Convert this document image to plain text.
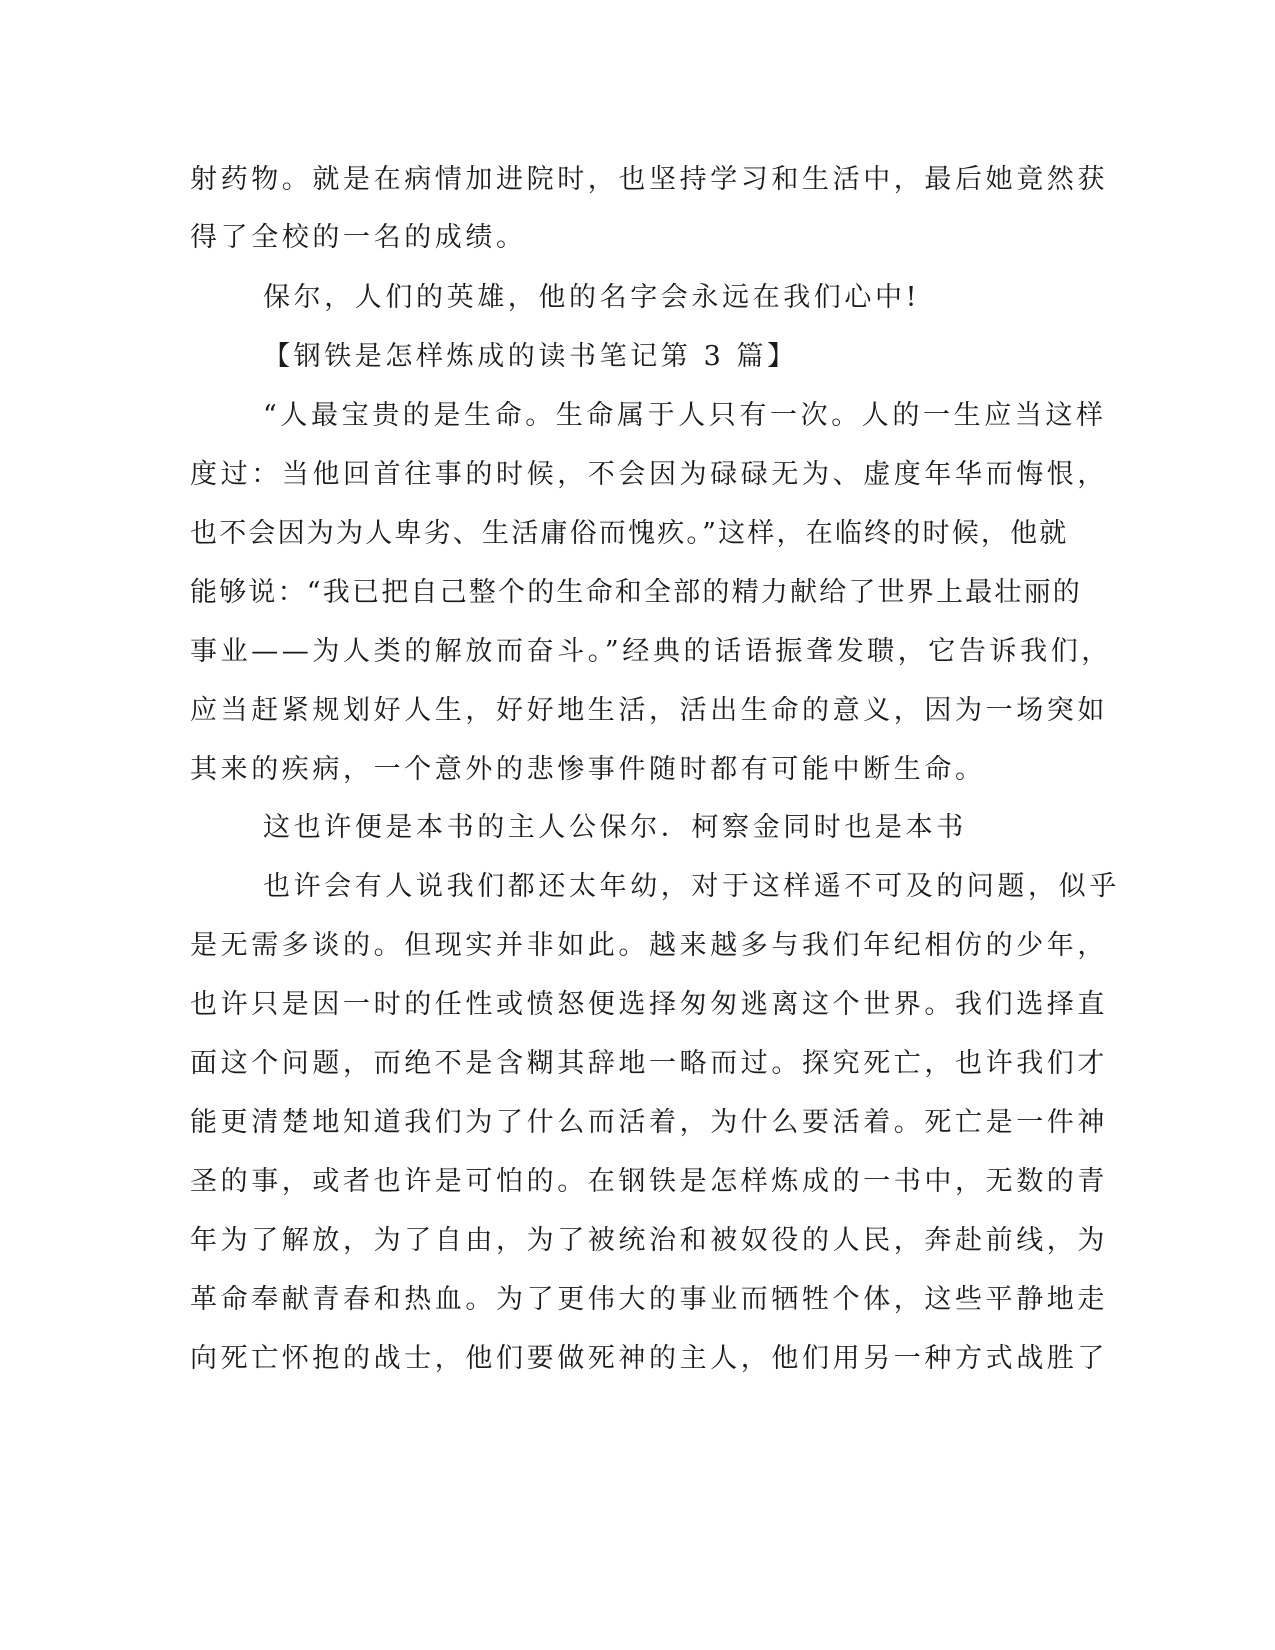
射药物。就是在病情加进院时，也坚持学习和生活中，最后她竟然获
得了全校的一名的成绩。
保尔，人们的英雄，他的名字会永远在我们心中!
【钢铁是怎样炼成的读书笔记第 3 篇】
“人最宝贵的是生命。生命属于人只有一次。人的一生应当这样
度过：当他回首往事的时候，不会因为碌碌无为、虚度年华而悔恨，
也不会因为为人卑劣、生活庸俗而愧疚。”这样，在临终的时候，他就
能够说：“我已把自己整个的生命和全部的精力献给了世界上最壮丽的
事业——为人类的解放而奋斗。”经典的话语振聋发聩，它告诉我们，
应当赶紧规划好人生，好好地生活，活出生命的意义，因为一场突如
其来的疾病，一个意外的悲惨事件随时都有可能中断生命。
这也许便是本书的主人公保尔．柯察金同时也是本书
也许会有人说我们都还太年幼，对于这样遥不可及的问题，似乎
是无需多谈的。但现实并非如此。越来越多与我们年纪相仿的少年，
也许只是因一时的任性或愤怒便选择匆匆逃离这个世界。我们选择直
面这个问题，而绝不是含糊其辞地一略而过。探究死亡，也许我们才
能更清楚地知道我们为了什么而活着，为什么要活着。死亡是一件神
圣的事，或者也许是可怕的。在钢铁是怎样炼成的一书中，无数的青
年为了解放，为了自由，为了被统治和被奴役的人民，奔赴前线，为
革命奉献青春和热血。为了更伟大的事业而牺牲个体，这些平静地走
向死亡怀抱的战士，他们要做死神的主人，他们用另一种方式战胜了
